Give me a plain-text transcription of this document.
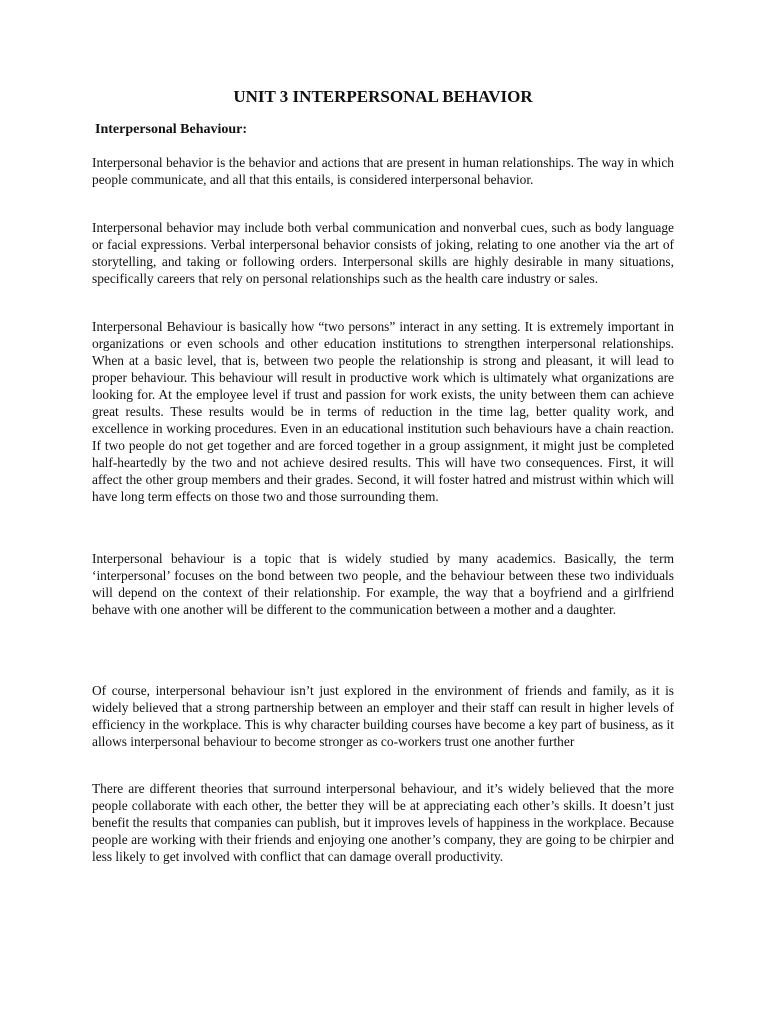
UNIT 3 INTERPERSONAL BEHAVIOR
Interpersonal Behaviour:

Interpersonal behavior is the behavior and actions that are present in human relationships. The way in which people communicate, and all that this entails, is considered interpersonal behavior.

Interpersonal behavior may include both verbal communication and nonverbal cues, such as body language or facial expressions. Verbal interpersonal behavior consists of joking, relating to one another via the art of storytelling, and taking or following orders. Interpersonal skills are highly desirable in many situations, specifically careers that rely on personal relationships such as the health care industry or sales.

Interpersonal Behaviour is basically how “two persons” interact in any setting. It is extremely important in organizations or even schools and other education institutions to strengthen interpersonal relationships. When at a basic level, that is, between two people the relationship is strong and pleasant, it will lead to proper behaviour. This behaviour will result in productive work which is ultimately what organizations are looking for. At the employee level if trust and passion for work exists, the unity between them can achieve great results. These results would be in terms of reduction in the time lag, better quality work, and excellence in working procedures. Even in an educational institution such behaviours have a chain reaction. If two people do not get together and are forced together in a group assignment, it might just be completed half-heartedly by the two and not achieve desired results. This will have two consequences. First, it will affect the other group members and their grades. Second, it will foster hatred and mistrust within which will have long term effects on those two and those surrounding them.

Interpersonal behaviour is a topic that is widely studied by many academics. Basically, the term ‘interpersonal’ focuses on the bond between two people, and the behaviour between these two individuals will depend on the context of their relationship. For example, the way that a boyfriend and a girlfriend behave with one another will be different to the communication between a mother and a daughter.

Of course, interpersonal behaviour isn’t just explored in the environment of friends and family, as it is widely believed that a strong partnership between an employer and their staff can result in higher levels of efficiency in the workplace. This is why character building courses have become a key part of business, as it allows interpersonal behaviour to become stronger as co-workers trust one another further

There are different theories that surround interpersonal behaviour, and it’s widely believed that the more people collaborate with each other, the better they will be at appreciating each other’s skills. It doesn’t just benefit the results that companies can publish, but it improves levels of happiness in the workplace. Because people are working with their friends and enjoying one another’s company, they are going to be chirpier and less likely to get involved with conflict that can damage overall productivity.
